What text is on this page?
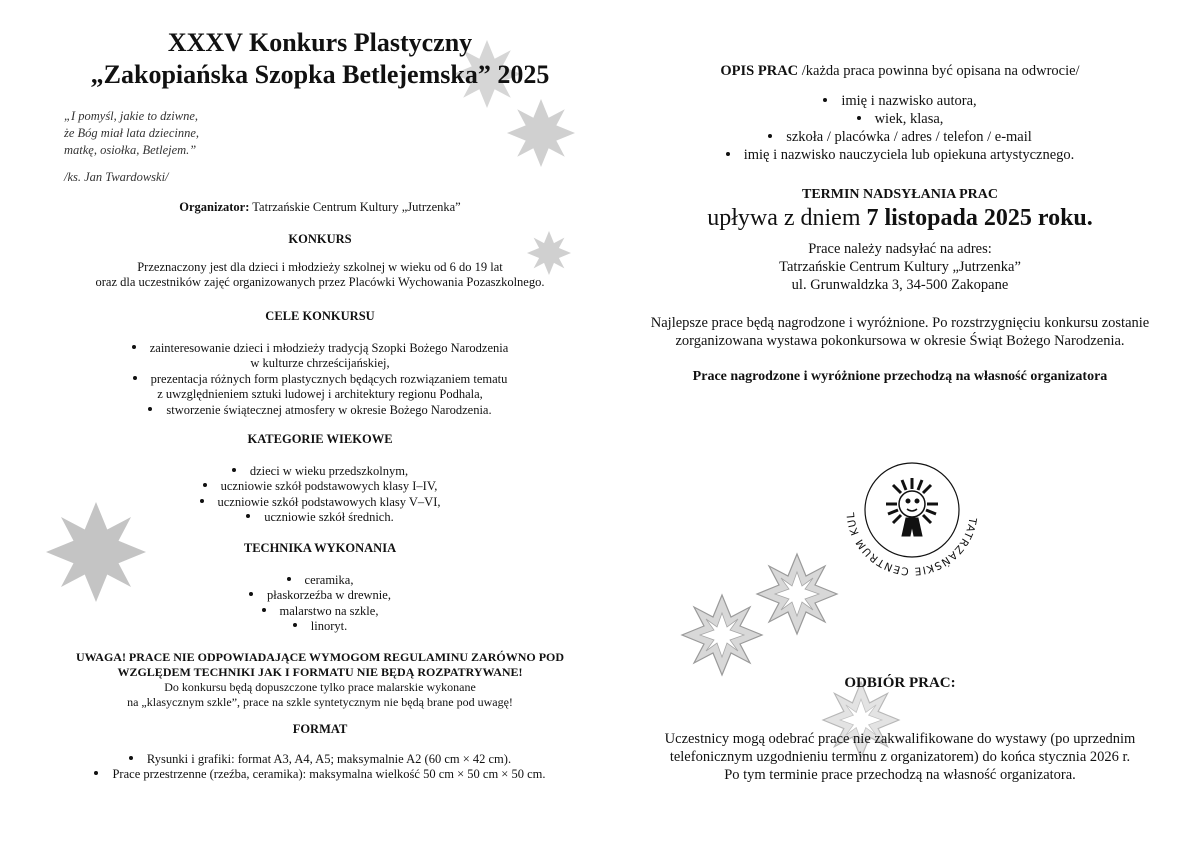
XXXV Konkurs Plastyczny
„Zakopiańska Szopka Betlejemska” 2025
„I pomyśl, jakie to dziwne,
że Bóg miał lata dziecinne,
matkę, osiołka, Betlejem.”
/ks. Jan Twardowski/
Organizator: Tatrzańskie Centrum Kultury „Jutrzenka”
KONKURS
Przeznaczony jest dla dzieci i młodzieży szkolnej w wieku od 6 do 19 lat
oraz dla uczestników zajęć organizowanych przez Placówki Wychowania Pozaszkolnego.
CELE KONKURSU
zainteresowanie dzieci i młodzieży tradycją Szopki Bożego Narodzenia
w kulturze chrześcijańskiej,
prezentacja różnych form plastycznych będących rozwiązaniem tematu
z uwzględnieniem sztuki ludowej i architektury regionu Podhala,
stworzenie świątecznej atmosfery w okresie Bożego Narodzenia.
KATEGORIE WIEKOWE
dzieci w wieku przedszkolnym,
uczniowie szkół podstawowych klasy I–IV,
uczniowie szkół podstawowych klasy V–VI,
uczniowie szkół średnich.
TECHNIKA WYKONANIA
ceramika,
płaskorzeźba w drewnie,
malarstwo na szkle,
linoryt.
UWAGA! PRACE NIE ODPOWIADAJĄCE WYMOGOM REGULAMINU ZARÓWNO POD
WZGLĘDEM TECHNIKI JAK I FORMATU NIE BĘDĄ ROZPATRYWANE!
Do konkursu będą dopuszczone tylko prace malarskie wykonane
na „klasycznym szkle”, prace na szkle syntetycznym nie będą brane pod uwagę!
FORMAT
Rysunki i grafiki: format A3, A4, A5; maksymalnie A2 (60 cm × 42 cm).
Prace przestrzenne (rzeźba, ceramika): maksymalna wielkość 50 cm × 50 cm × 50 cm.
OPIS PRAC /każda praca powinna być opisana na odwrocie/
imię i nazwisko autora,
wiek, klasa,
szkoła / placówka / adres / telefon / e-mail
imię i nazwisko nauczyciela lub opiekuna artystycznego.
TERMIN NADSYŁANIA PRAC
upływa z dniem 7 listopada 2025 roku.
Prace należy nadsyłać na adres:
Tatrzańskie Centrum Kultury „Jutrzenka”
ul. Grunwaldzka 3, 34-500 Zakopane
Najlepsze prace będą nagrodzone i wyróżnione. Po rozstrzygnięciu konkursu zostanie
zorganizowana wystawa pokonkursowa w okresie Świąt Bożego Narodzenia.
Prace nagrodzone i wyróżnione przechodzą na własność organizatora
TATRZAŃSKIE CENTRUM KUL
ODBIÓR PRAC:
Uczestnicy mogą odebrać prace nie zakwalifikowane do wystawy (po uprzednim
telefonicznym uzgodnieniu terminu z organizatorem) do końca stycznia 2026 r.
Po tym terminie prace przechodzą na własność organizatora.
